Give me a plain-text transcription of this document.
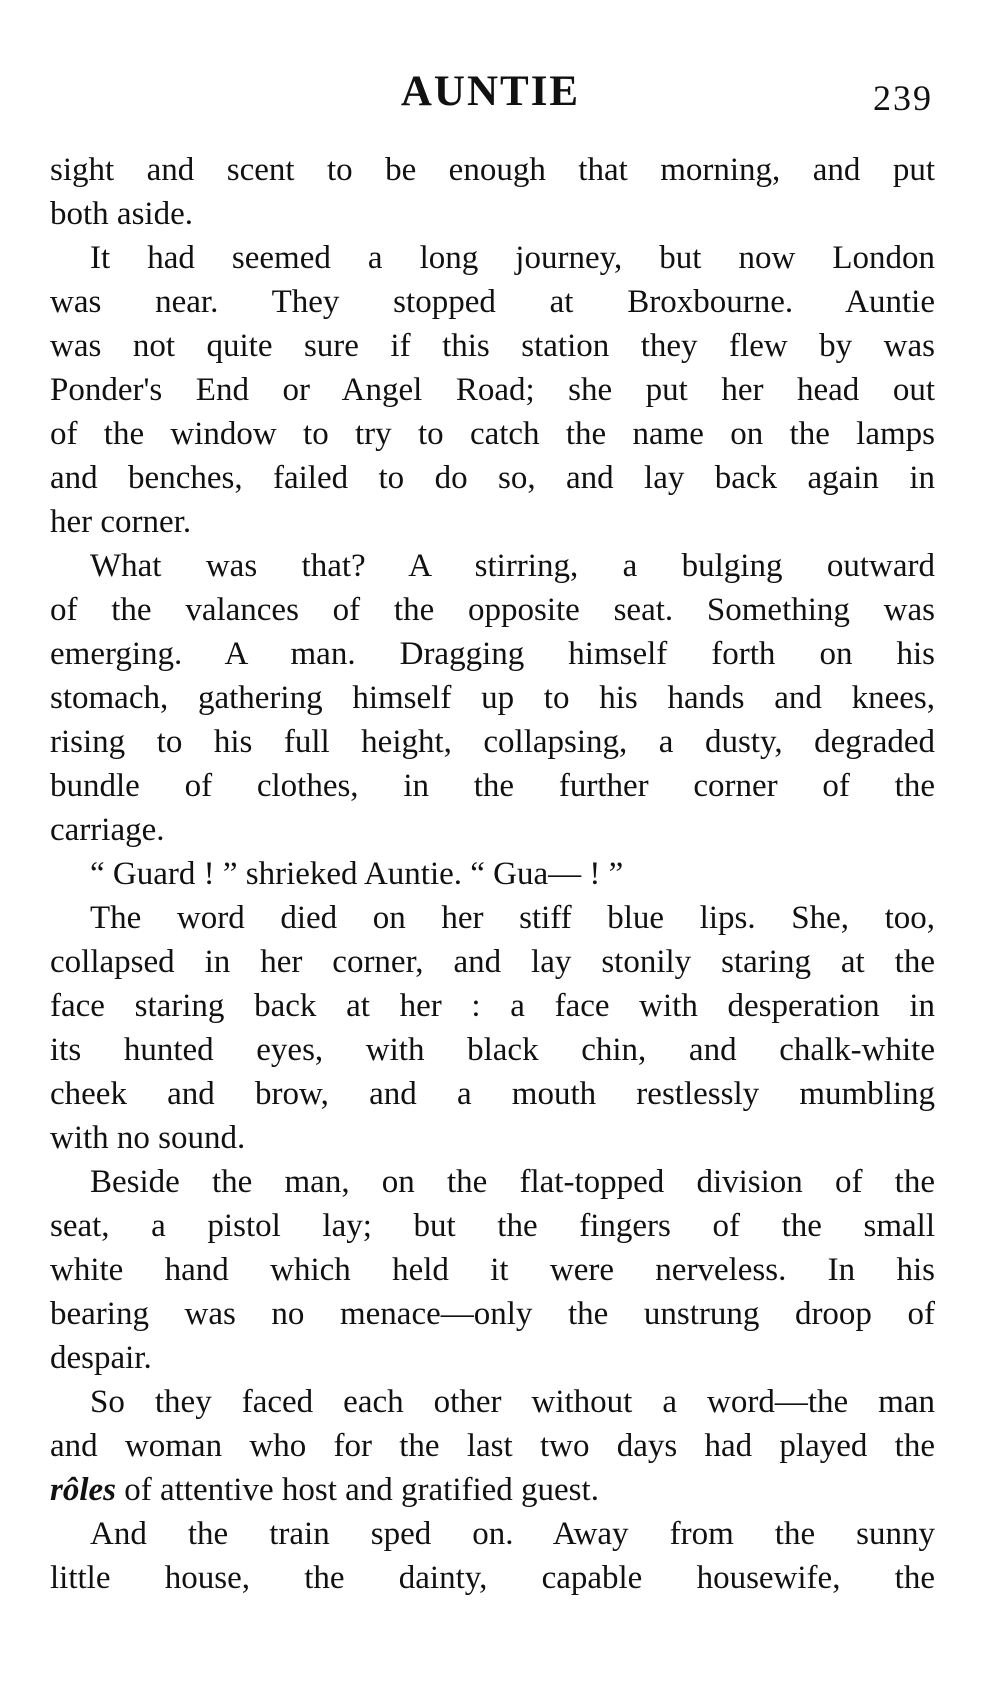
AUNTIE	239
sight and scent to be enough that morning, and put
both aside.
It had seemed a long journey, but now London
was near. They stopped at Broxbourne. Auntie
was not quite sure if this station they flew by was
Ponder's End or Angel Road; she put her head out
of the window to try to catch the name on the lamps
and benches, failed to do so, and lay back again in
her corner.
What was that? A stirring, a bulging outward
of the valances of the opposite seat. Something was
emerging. A man. Dragging himself forth on his
stomach, gathering himself up to his hands and knees,
rising to his full height, collapsing, a dusty, degraded
bundle of clothes, in the further corner of the
carriage.
“ Guard ! ” shrieked Auntie. “ Gua— ! ”
The word died on her stiff blue lips. She, too,
collapsed in her corner, and lay stonily staring at the
face staring back at her : a face with desperation in
its hunted eyes, with black chin, and chalk-white
cheek and brow, and a mouth restlessly mumbling
with no sound.
Beside the man, on the flat-topped division of the
seat, a pistol lay; but the fingers of the small
white hand which held it were nerveless. In his
bearing was no menace—only the unstrung droop of
despair.
So they faced each other without a word—the man
and woman who for the last two days had played the
rôles of attentive host and gratified guest.
And the train sped on. Away from the sunny
little house, the dainty, capable housewife, the
